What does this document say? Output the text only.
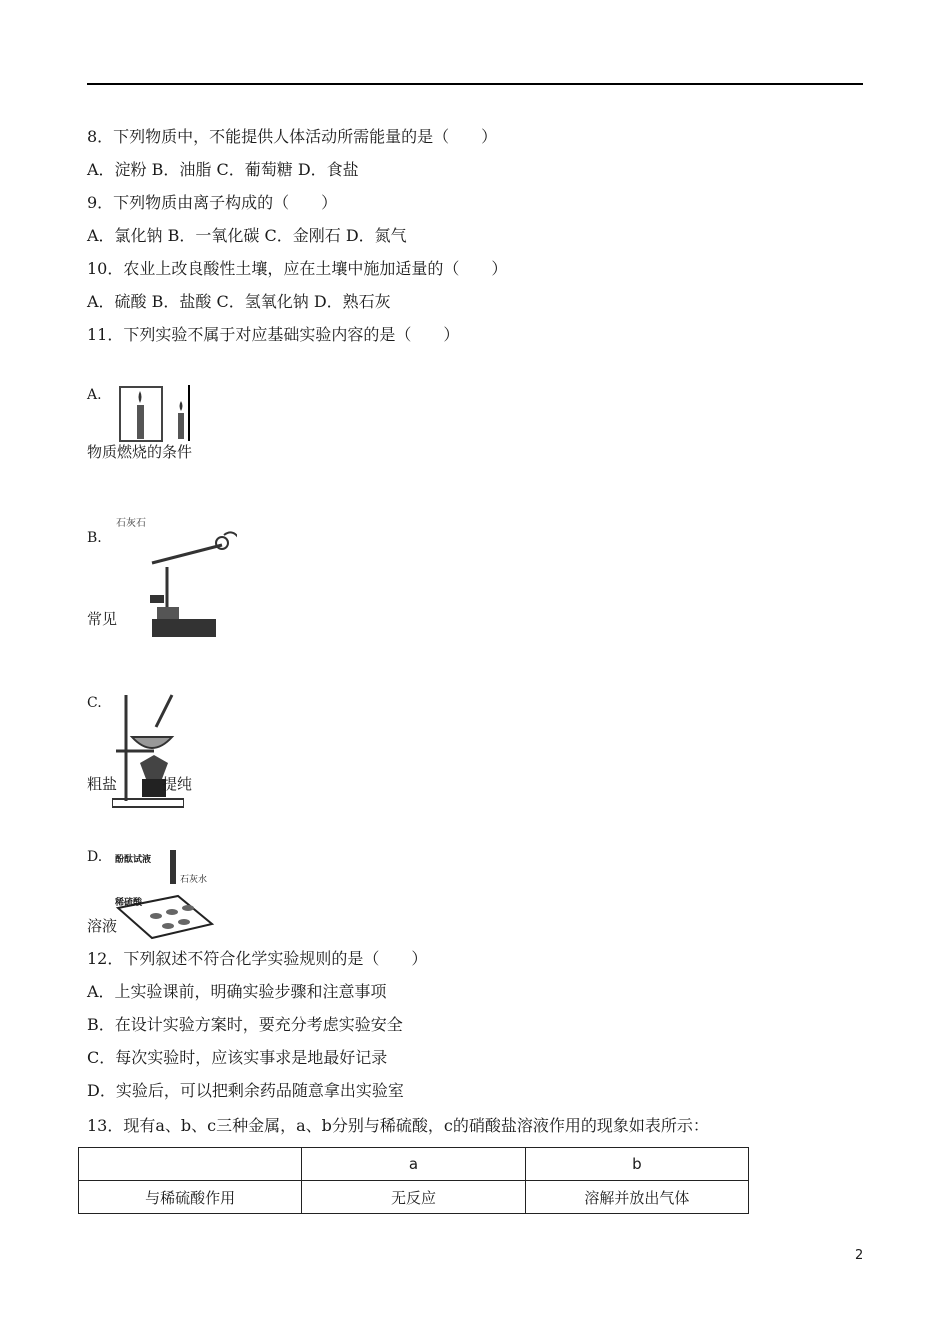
8．下列物质中，不能提供人体活动所需能量的是（　　）
A．淀粉 B．油脂 C．葡萄糖 D．食盐
9．下列物质由离子构成的（　　）
A．氯化钠 B．一氧化碳 C．金刚石 D．氮气
10．农业上改良酸性土壤，应在土壤中施加适量的（　　）
A．硫酸 B．盐酸 C．氢氧化钠 D．熟石灰
11．下列实验不属于对应基础实验内容的是（　　）
A.
物质燃烧的条件
B.
石灰石
常见
C.
粗盐　　　提纯
D. 酚酞试液
石灰水
稀硫酸
溶液
12．下列叙述不符合化学实验规则的是（　　）
A．上实验课前，明确实验步骤和注意事项
B．在设计实验方案时，要充分考虑实验安全
C．每次实验时，应该实事求是地最好记录
D．实验后，可以把剩余药品随意拿出实验室
13．现有a、b、c三种金属，a、b分别与稀硫酸，c的硝酸盐溶液作用的现象如表所示：
	a	b
与稀硫酸作用	无反应	溶解并放出气体
2
